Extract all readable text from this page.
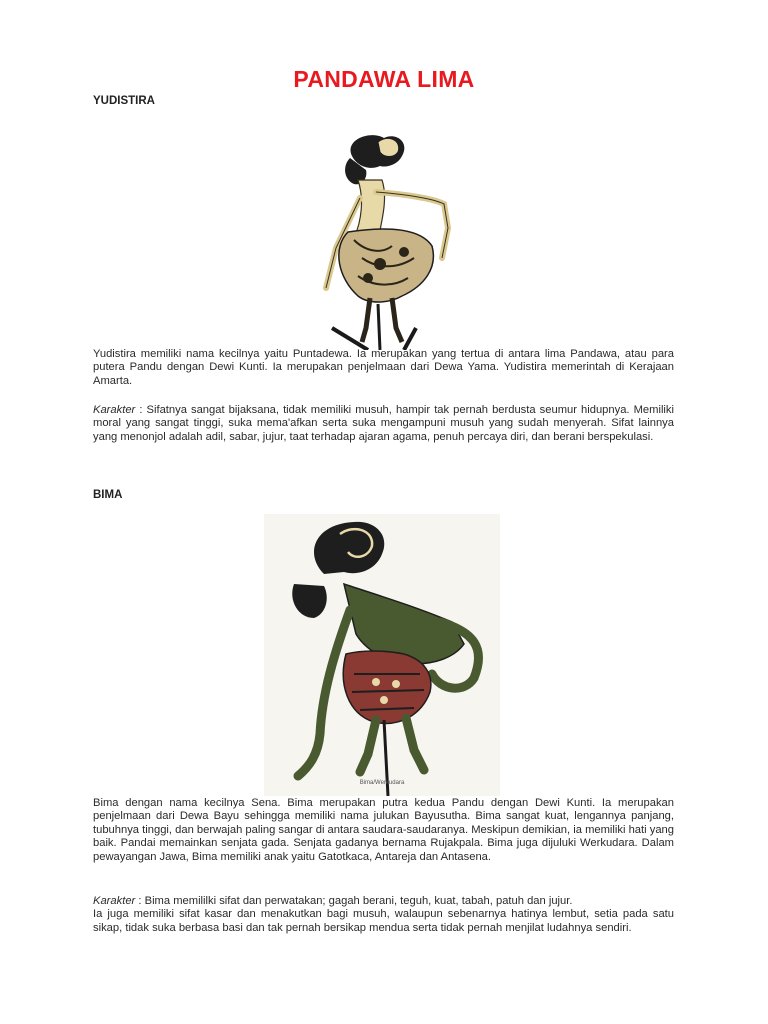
PANDAWA LIMA
YUDISTIRA

Yudistira memiliki nama kecilnya yaitu Puntadewa. Ia merupakan yang tertua di antara lima Pandawa, atau para putera Pandu dengan Dewi Kunti. Ia merupakan penjelmaan dari Dewa Yama. Yudistira memerintah di Kerajaan Amarta.

Karakter : Sifatnya sangat bijaksana, tidak memiliki musuh, hampir tak pernah berdusta seumur hidupnya. Memiliki moral yang sangat tinggi, suka mema'afkan serta suka mengampuni musuh yang sudah menyerah. Sifat lainnya yang menonjol adalah adil, sabar, jujur, taat terhadap ajaran agama, penuh percaya diri, dan berani berspekulasi.

BIMA
Bima/Werkudara

Bima dengan nama kecilnya Sena. Bima merupakan putra kedua Pandu dengan Dewi Kunti. Ia merupakan penjelmaan dari Dewa Bayu sehingga memiliki nama julukan Bayusutha. Bima sangat kuat, lengannya panjang, tubuhnya tinggi, dan berwajah paling sangar di antara saudara-saudaranya. Meskipun demikian, ia memiliki hati yang baik. Pandai memainkan senjata gada. Senjata gadanya bernama Rujakpala. Bima juga dijuluki Werkudara. Dalam pewayangan Jawa, Bima memiliki anak yaitu Gatotkaca, Antareja dan Antasena.

Karakter : Bima memililki sifat dan perwatakan; gagah berani, teguh, kuat, tabah, patuh dan jujur.
Ia juga memiliki sifat kasar dan menakutkan bagi musuh, walaupun sebenarnya hatinya lembut, setia pada satu sikap, tidak suka berbasa basi dan tak pernah bersikap mendua serta tidak pernah menjilat ludahnya sendiri.
